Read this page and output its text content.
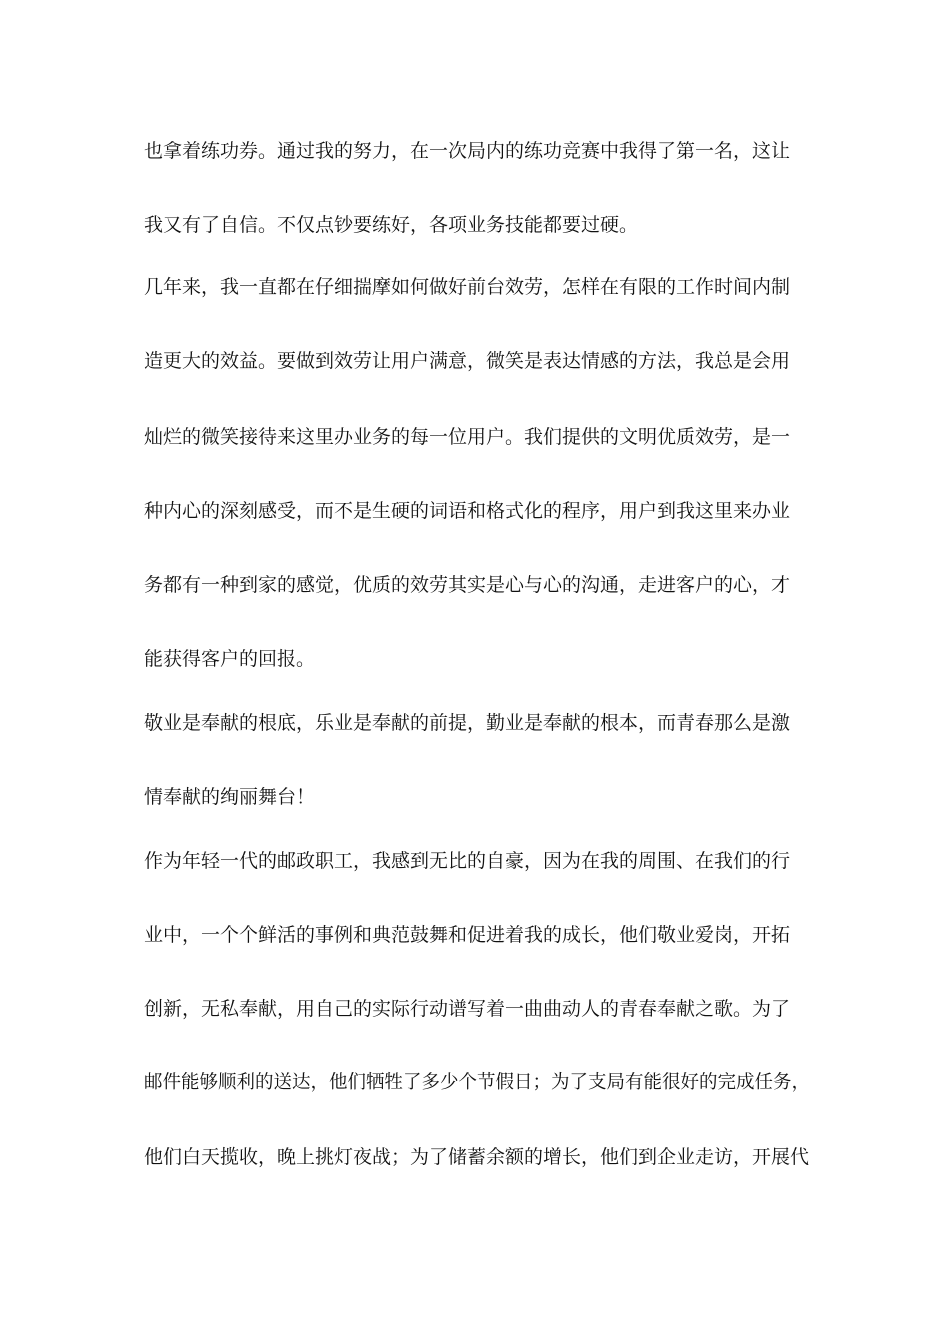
也拿着练功券。通过我的努力，在一次局内的练功竞赛中我得了第一名，这让
我又有了自信。不仅点钞要练好，各项业务技能都要过硬。
几年来，我一直都在仔细揣摩如何做好前台效劳，怎样在有限的工作时间内制
造更大的效益。要做到效劳让用户满意，微笑是表达情感的方法，我总是会用
灿烂的微笑接待来这里办业务的每一位用户。我们提供的文明优质效劳，是一
种内心的深刻感受，而不是生硬的词语和格式化的程序，用户到我这里来办业
务都有一种到家的感觉，优质的效劳其实是心与心的沟通，走进客户的心，才
能获得客户的回报。
敬业是奉献的根底，乐业是奉献的前提，勤业是奉献的根本，而青春那么是激
情奉献的绚丽舞台！
作为年轻一代的邮政职工，我感到无比的自豪，因为在我的周围、在我们的行
业中，一个个鲜活的事例和典范鼓舞和促进着我的成长，他们敬业爱岗，开拓
创新，无私奉献，用自己的实际行动谱写着一曲曲动人的青春奉献之歌。为了
邮件能够顺利的送达，他们牺牲了多少个节假日；为了支局有能很好的完成任务，
他们白天揽收，晚上挑灯夜战；为了储蓄余额的增长，他们到企业走访，开展代
